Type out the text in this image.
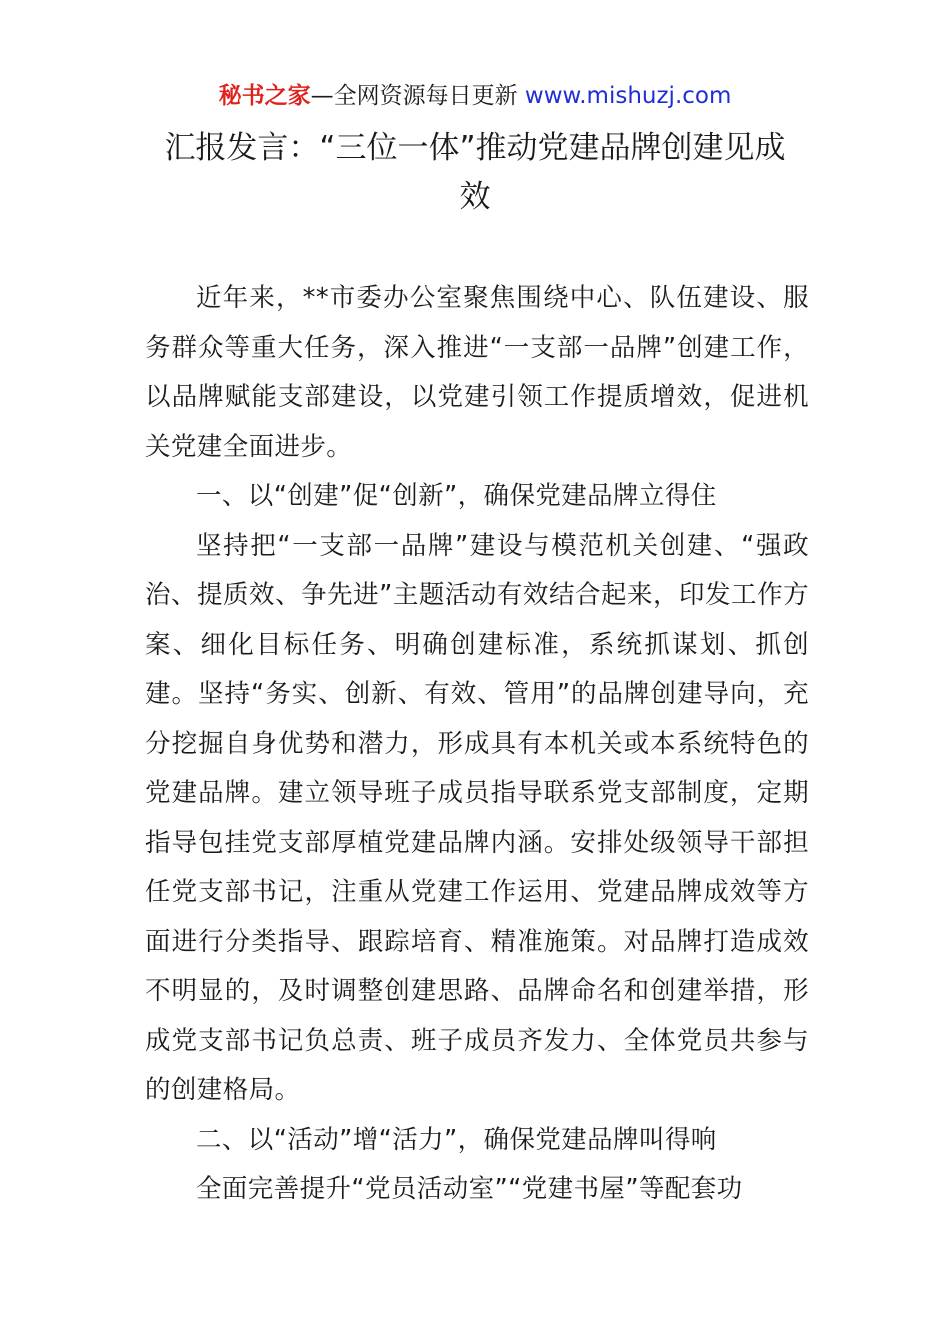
秘书之家—全网资源每日更新 www.mishuzj.com
汇报发言：“三位一体”推动党建品牌创建见成效

近年来，**市委办公室聚焦围绕中心、队伍建设、服务群众等重大任务，深入推进“一支部一品牌”创建工作，以品牌赋能支部建设，以党建引领工作提质增效，促进机关党建全面进步。

一、以“创建”促“创新”，确保党建品牌立得住

坚持把“一支部一品牌”建设与模范机关创建、“强政治、提质效、争先进”主题活动有效结合起来，印发工作方案、细化目标任务、明确创建标准，系统抓谋划、抓创建。坚持“务实、创新、有效、管用”的品牌创建导向，充分挖掘自身优势和潜力，形成具有本机关或本系统特色的党建品牌。建立领导班子成员指导联系党支部制度，定期指导包挂党支部厚植党建品牌内涵。安排处级领导干部担任党支部书记，注重从党建工作运用、党建品牌成效等方面进行分类指导、跟踪培育、精准施策。对品牌打造成效不明显的，及时调整创建思路、品牌命名和创建举措，形成党支部书记负总责、班子成员齐发力、全体党员共参与的创建格局。

二、以“活动”增“活力”，确保党建品牌叫得响

全面完善提升“党员活动室”“党建书屋”等配套功
